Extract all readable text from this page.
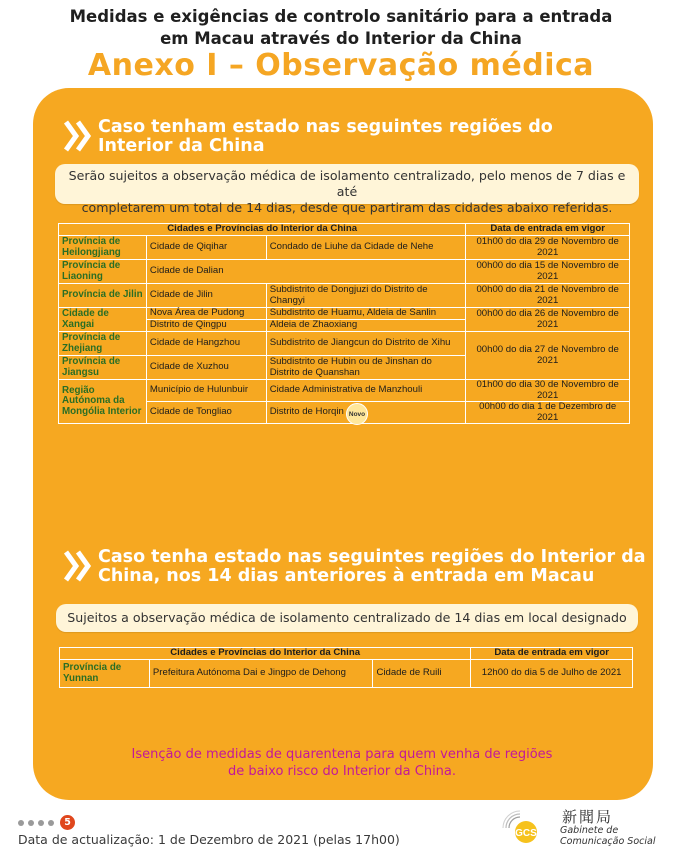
Medidas e exigências de controlo sanitário para a entrada
em Macau através do Interior da China
Anexo I – Observação médica
Caso tenham estado nas seguintes regiões do
Interior da China
Serão sujeitos a observação médica de isolamento centralizado, pelo menos de 7 dias e até
completarem um total de 14 dias, desde que partiram das cidades abaixo referidas.
Cidades e Províncias do Interior da China			Data de entrada em vigor
Província de Heilongjiang	Cidade de Qiqihar	Condado de Liuhe da Cidade de Nehe	01h00 do dia 29 de Novembro de 2021
Província de Liaoning	Cidade de Dalian		00h00 do dia 15 de Novembro de 2021
Província de Jilin	Cidade de Jilin	Subdistrito de Dongjuzi do Distrito de Changyi	00h00 do dia 21 de Novembro de 2021
Cidade de Xangai	Nova Área de Pudong	Subdistrito de Huamu, Aldeia de Sanlin	00h00 do dia 26 de Novembro de 2021
	Distrito de Qingpu	Aldeia de Zhaoxiang	
Província de Zhejiang	Cidade de Hangzhou	Subdistrito de Jiangcun do Distrito de Xihu	00h00 do dia 27 de Novembro de 2021
Província de Jiangsu	Cidade de Xuzhou	Subdistrito de Hubin ou de Jinshan do Distrito de Quanshan	
Região Autónoma da Mongólia Interior	Município de Hulunbuir	Cidade Administrativa de Manzhouli	01h00 do dia 30 de Novembro de 2021
	Cidade de Tongliao	Distrito de Horqin	00h00 do dia 1 de Dezembro de 2021
Novo
Caso tenha estado nas seguintes regiões do Interior da
China, nos 14 dias anteriores à entrada em Macau
Sujeitos a observação médica de isolamento centralizado de 14 dias em local designado
Cidades e Províncias do Interior da China			Data de entrada em vigor
Província de Yunnan	Prefeitura Autónoma Dai e Jingpo de Dehong	Cidade de Ruili	12h00 do dia 5 de Julho de 2021
Isenção de medidas de quarentena para quem venha de regiões
de baixo risco do Interior da China.
5
Data de actualização: 1 de Dezembro de 2021 (pelas 17h00)	GCS
新聞局
Gabinete de
Comunicação Social
